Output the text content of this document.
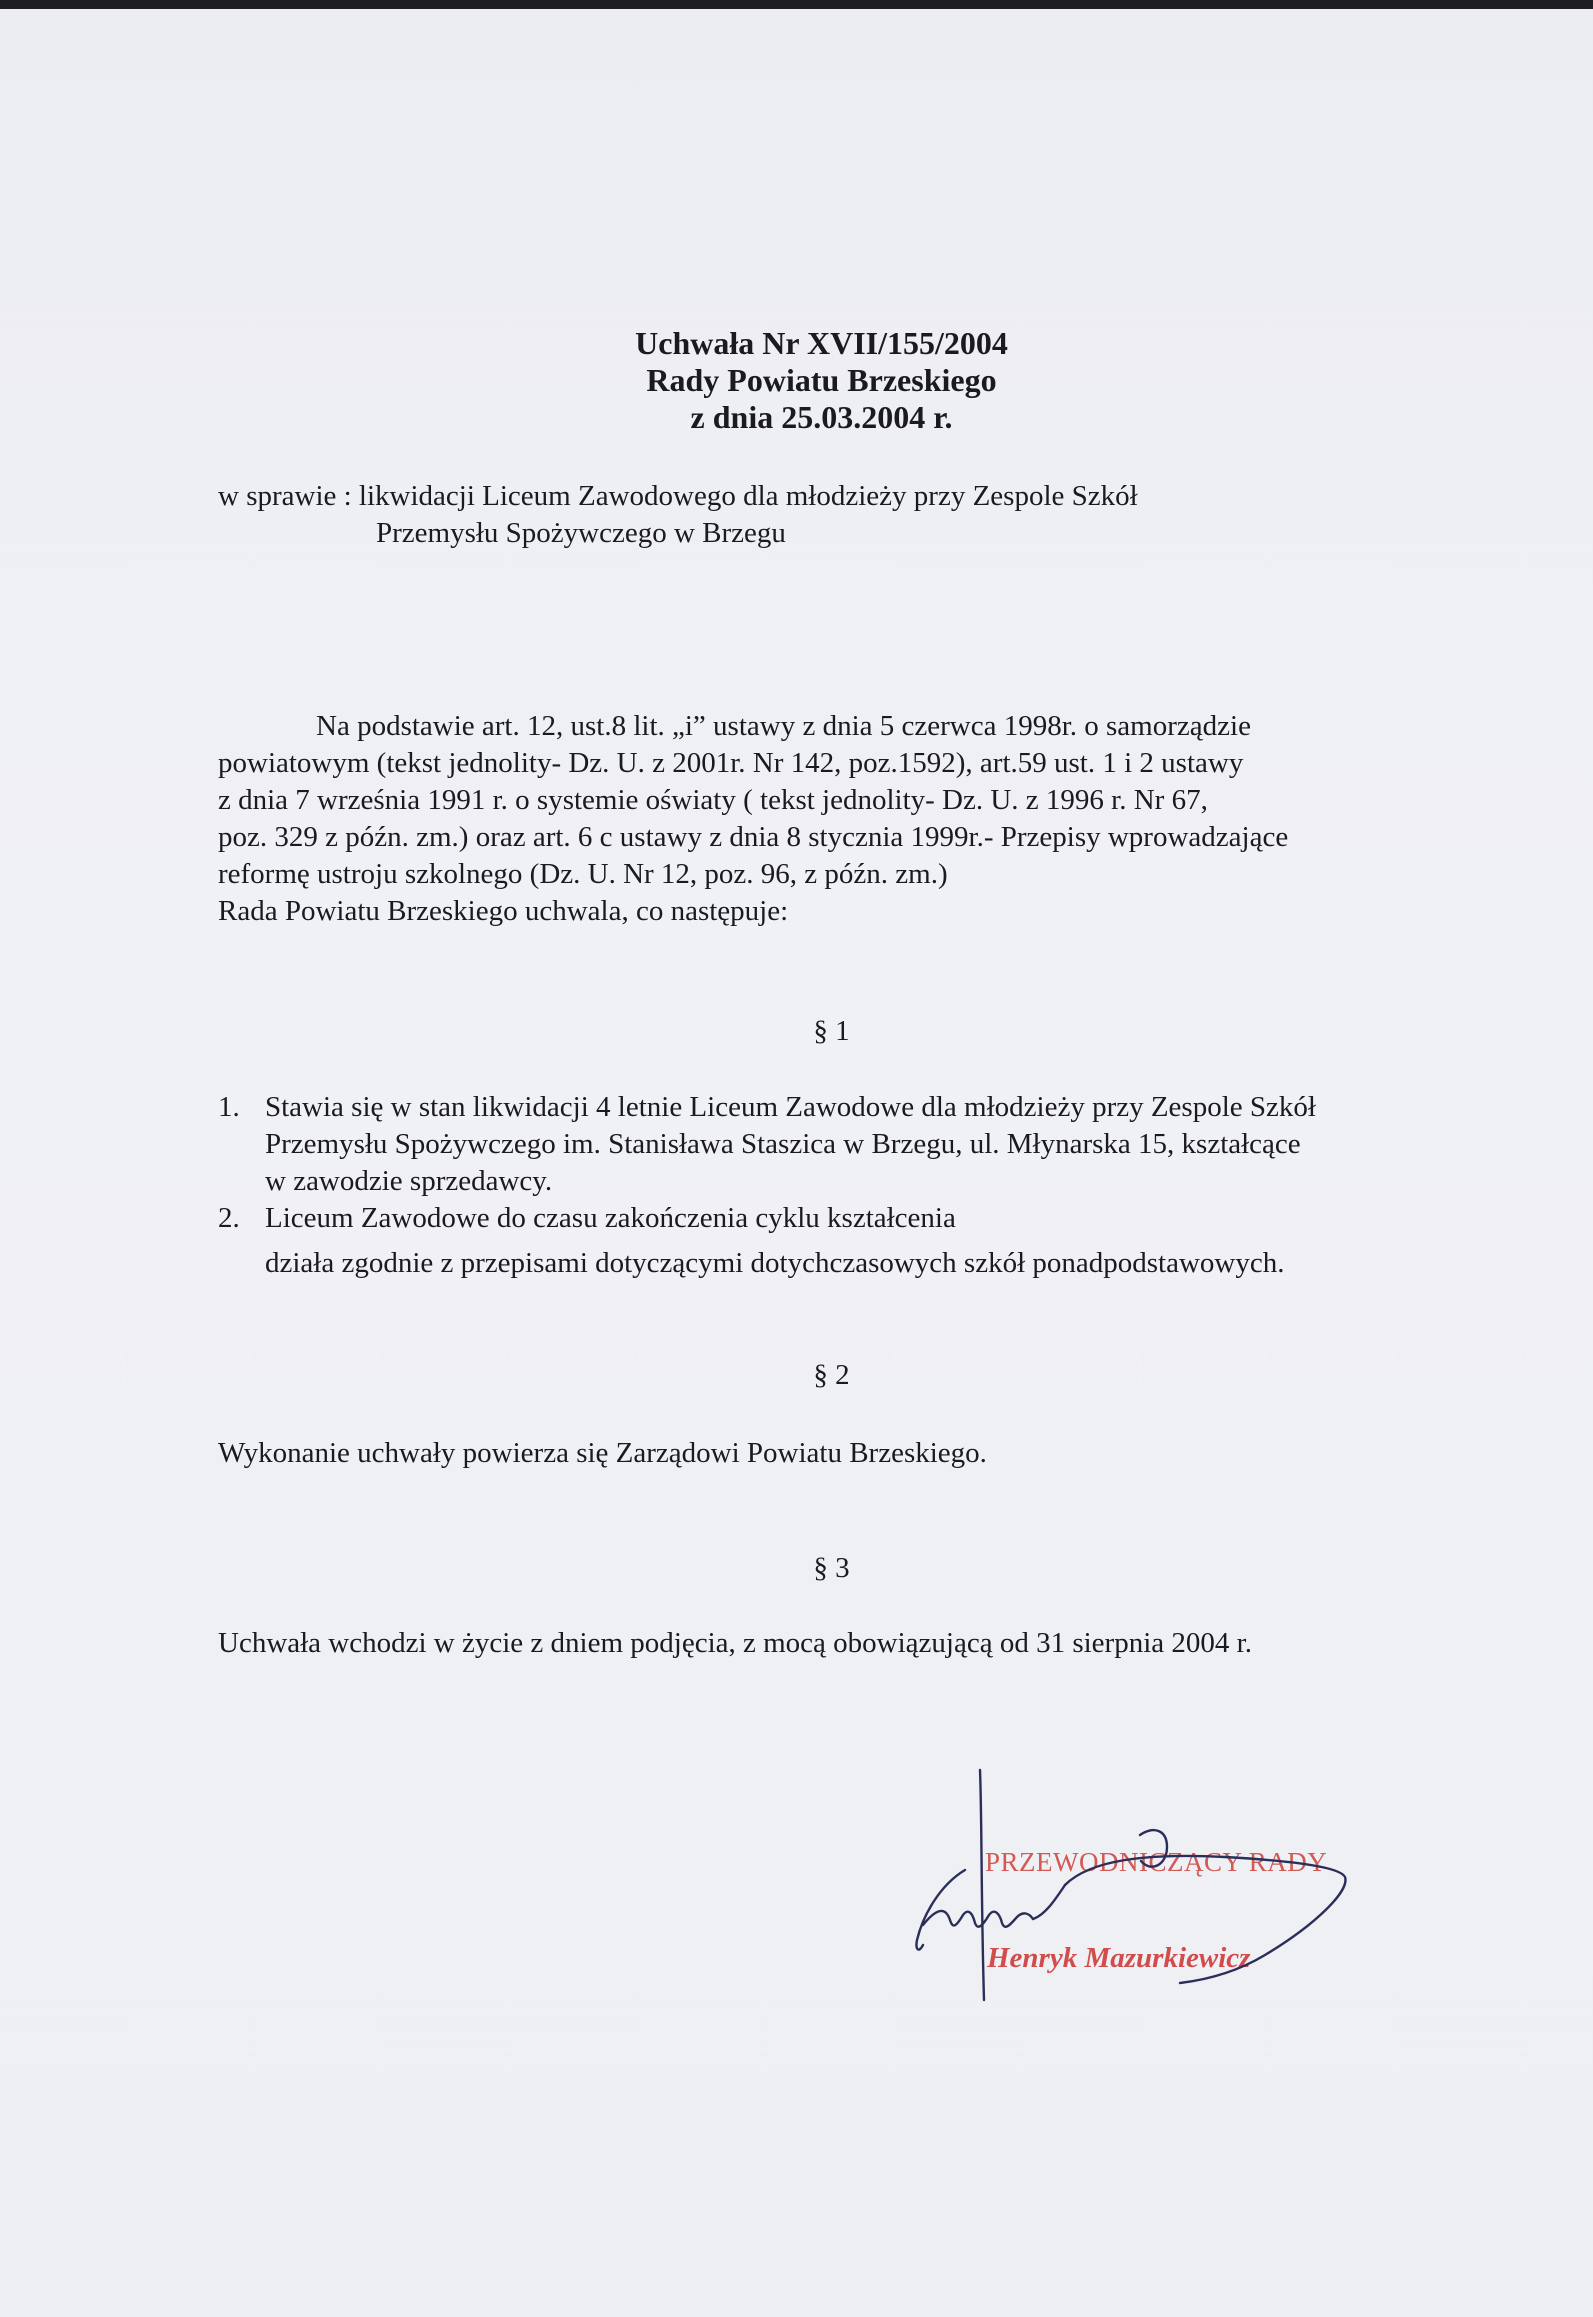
Uchwała Nr XVII/155/2004
Rady Powiatu Brzeskiego
z dnia 25.03.2004 r.
w sprawie : likwidacji Liceum Zawodowego dla młodzieży przy Zespole Szkół
Przemysłu Spożywczego w Brzegu
Na podstawie art. 12, ust.8 lit. „i” ustawy z dnia 5 czerwca 1998r. o samorządzie
powiatowym (tekst jednolity- Dz. U. z 2001r. Nr 142, poz.1592), art.59 ust. 1 i 2 ustawy
z dnia 7 września 1991 r. o systemie oświaty ( tekst jednolity- Dz. U. z 1996 r. Nr 67,
poz. 329 z późn. zm.) oraz art. 6 c ustawy z dnia 8 stycznia 1999r.- Przepisy wprowadzające
reformę ustroju szkolnego (Dz. U. Nr 12, poz. 96, z późn. zm.)
Rada Powiatu Brzeskiego uchwala, co następuje:
§ 1
1. Stawia się w stan likwidacji 4 letnie Liceum Zawodowe dla młodzieży przy Zespole Szkół
Przemysłu Spożywczego im. Stanisława Staszica w Brzegu, ul. Młynarska 15, kształcące
w zawodzie sprzedawcy.
2. Liceum Zawodowe do czasu zakończenia cyklu kształcenia
działa zgodnie z przepisami dotyczącymi dotychczasowych szkół ponadpodstawowych.
§ 2
Wykonanie uchwały powierza się Zarządowi Powiatu Brzeskiego.
§ 3
Uchwała wchodzi w życie z dniem podjęcia, z mocą obowiązującą od 31 sierpnia 2004 r.
PRZEWODNICZĄCY RADY
Henryk Mazurkiewicz
